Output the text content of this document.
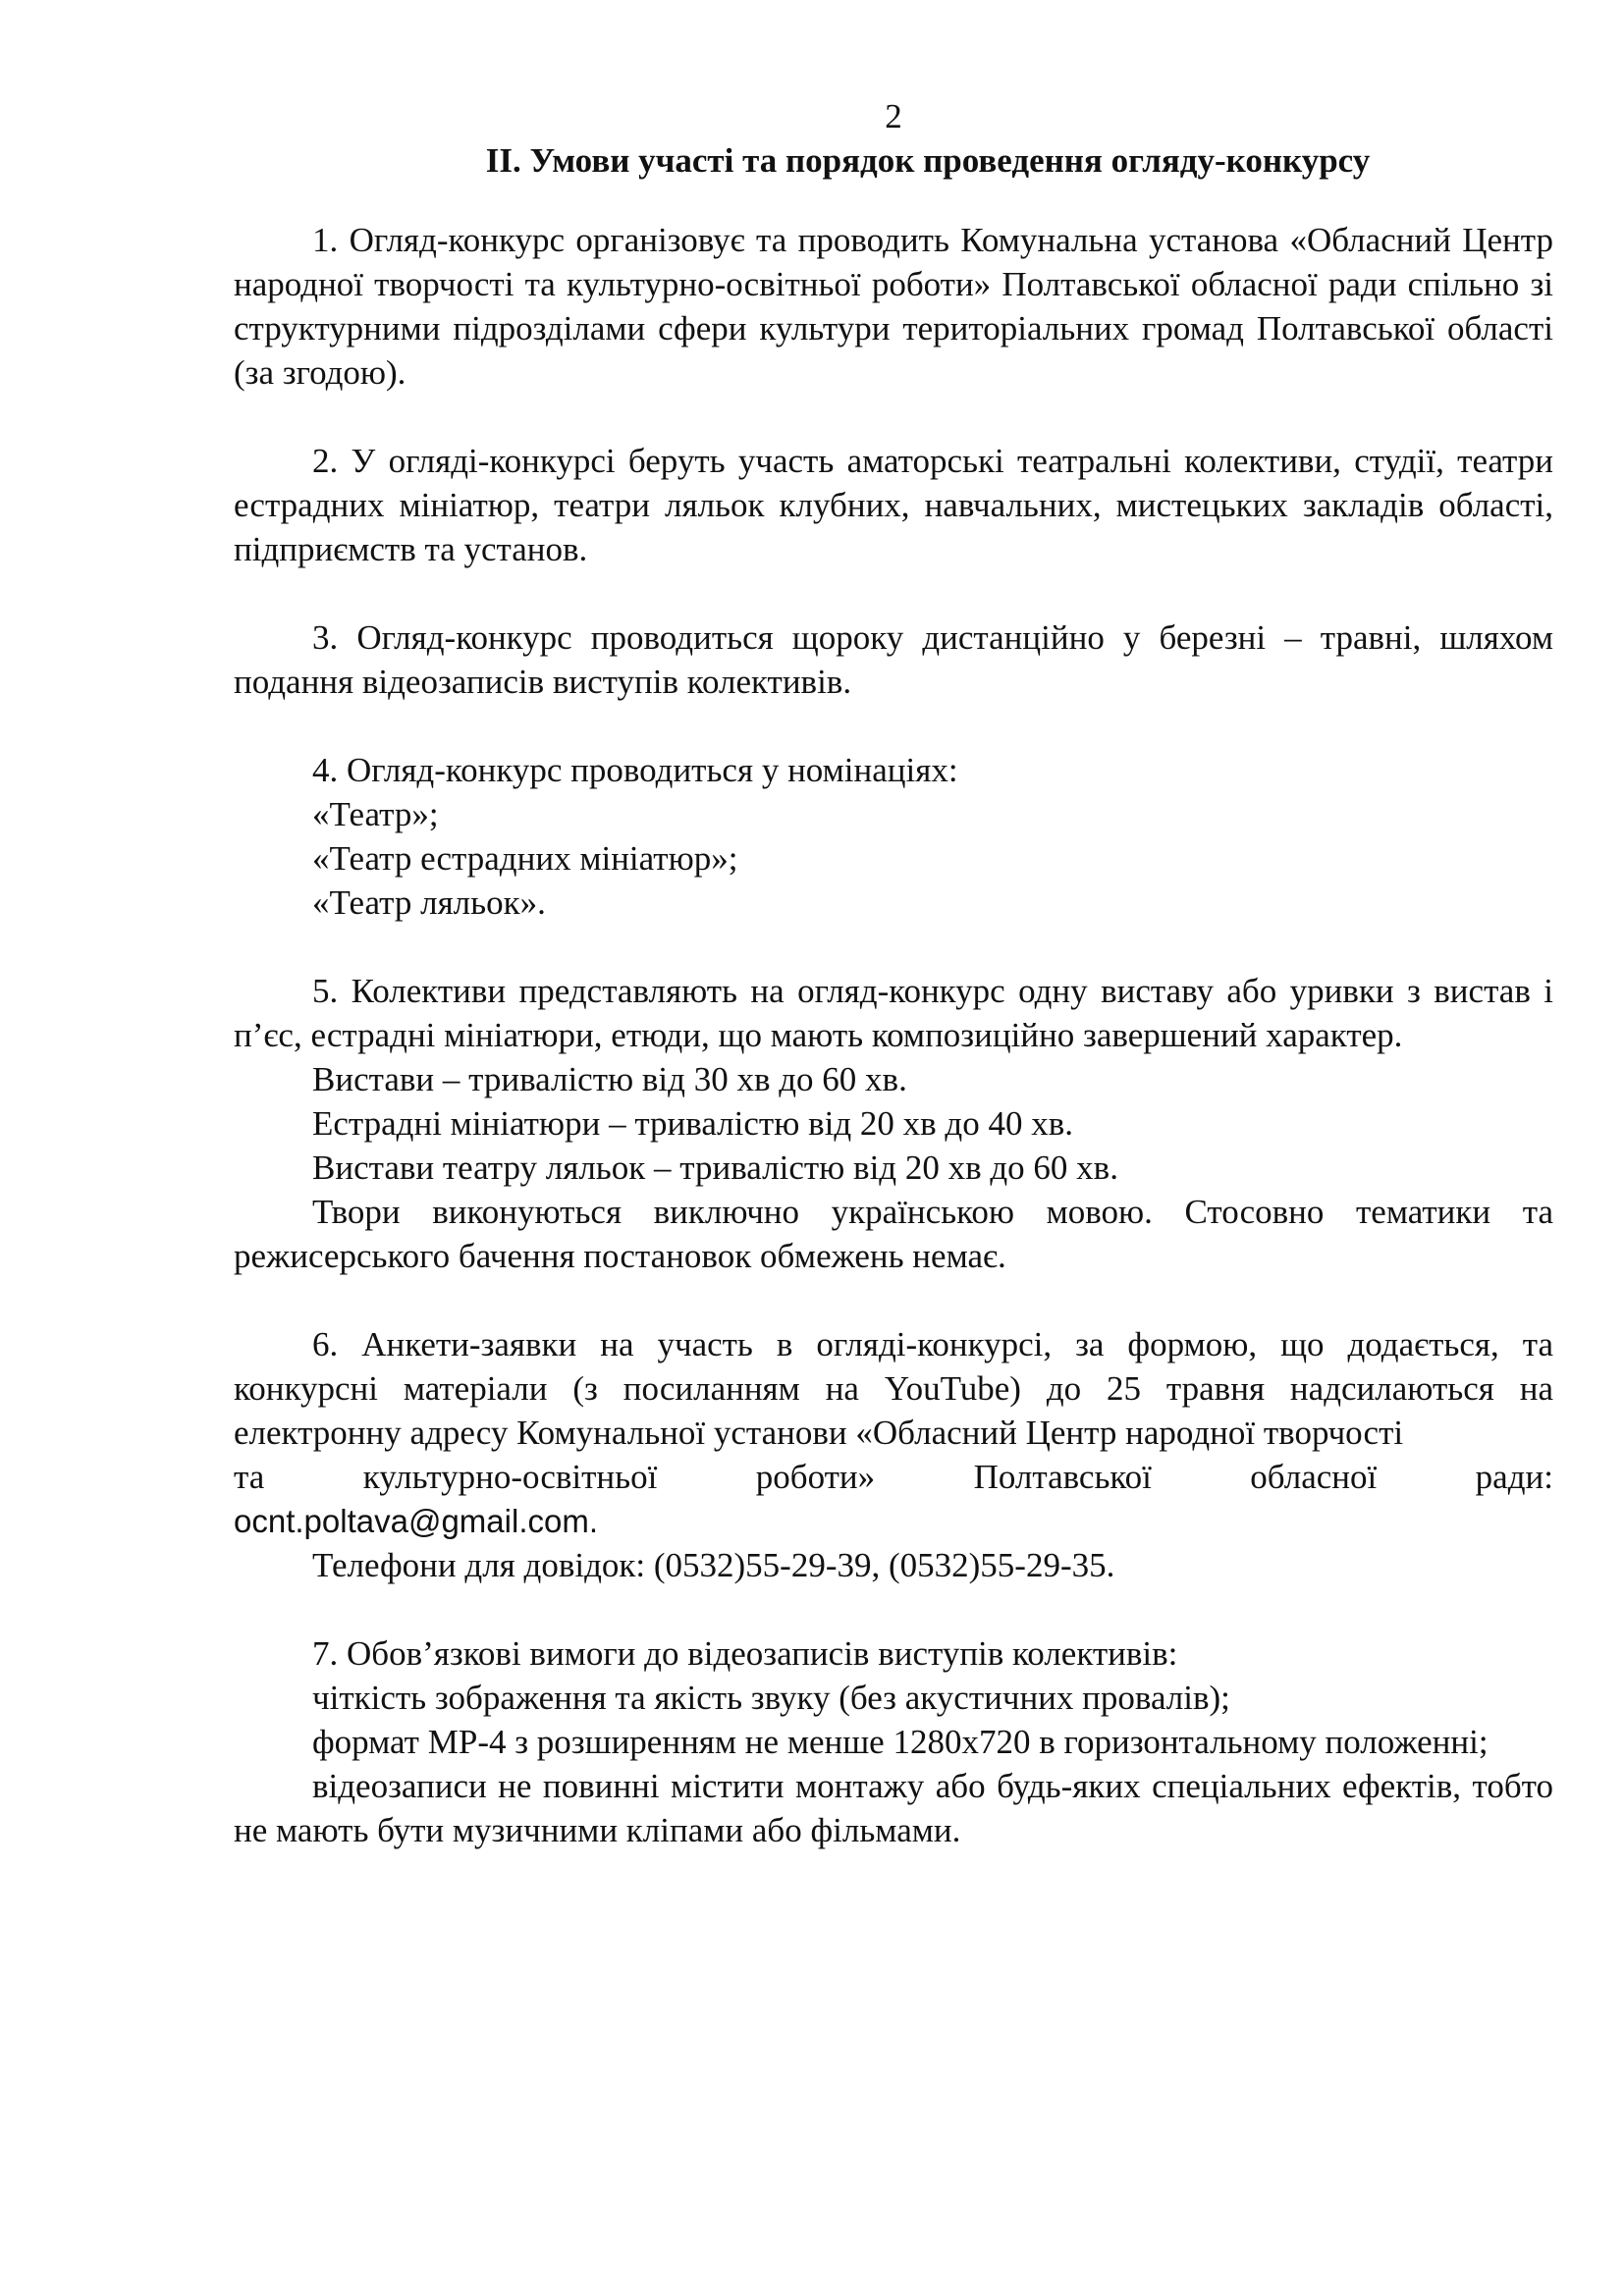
2

II. Умови участі та порядок проведення огляду-конкурсу

1. Огляд-конкурс організовує та проводить Комунальна установа «Обласний Центр народної творчості та культурно-освітньої роботи» Полтавської обласної ради спільно зі структурними підрозділами сфери культури територіальних громад Полтавської області (за згодою).

2. У огляді-конкурсі беруть участь аматорські театральні колективи, студії, театри естрадних мініатюр, театри ляльок клубних, навчальних, мистецьких закладів області, підприємств та установ.

3. Огляд-конкурс проводиться щороку дистанційно у березні – травні, шляхом подання відеозаписів виступів колективів.

4. Огляд-конкурс проводиться у номінаціях:

«Театр»;

«Театр естрадних мініатюр»;

«Театр ляльок».

5. Колективи представляють на огляд-конкурс одну виставу або уривки з вистав і п’єс, естрадні мініатюри, етюди, що мають композиційно завершений характер.

Вистави – тривалістю від 30 хв до 60 хв.

Естрадні мініатюри – тривалістю від 20 хв до 40 хв.

Вистави театру ляльок – тривалістю від 20 хв до 60 хв.

Твори виконуються виключно українською мовою. Стосовно тематики та режисерського бачення постановок обмежень немає.

6. Анкети-заявки на участь в огляді-конкурсі, за формою, що додається, та конкурсні матеріали (з посиланням на YouTube) до 25 травня надсилаються на електронну адресу Комунальної установи «Обласний Центр народної творчості

та	культурно-освітньої	роботи»	Полтавської	обласної	ради:

ocnt.poltava@gmail.com.

Телефони для довідок: (0532)55-29-39, (0532)55-29-35.

7. Обов’язкові вимоги до відеозаписів виступів колективів:

чіткість зображення та якість звуку (без акустичних провалів);

формат MP-4 з розширенням не менше 1280x720 в горизонтальному положенні;

відеозаписи не повинні містити монтажу або будь-яких спеціальних ефектів, тобто не мають бути музичними кліпами або фільмами.
